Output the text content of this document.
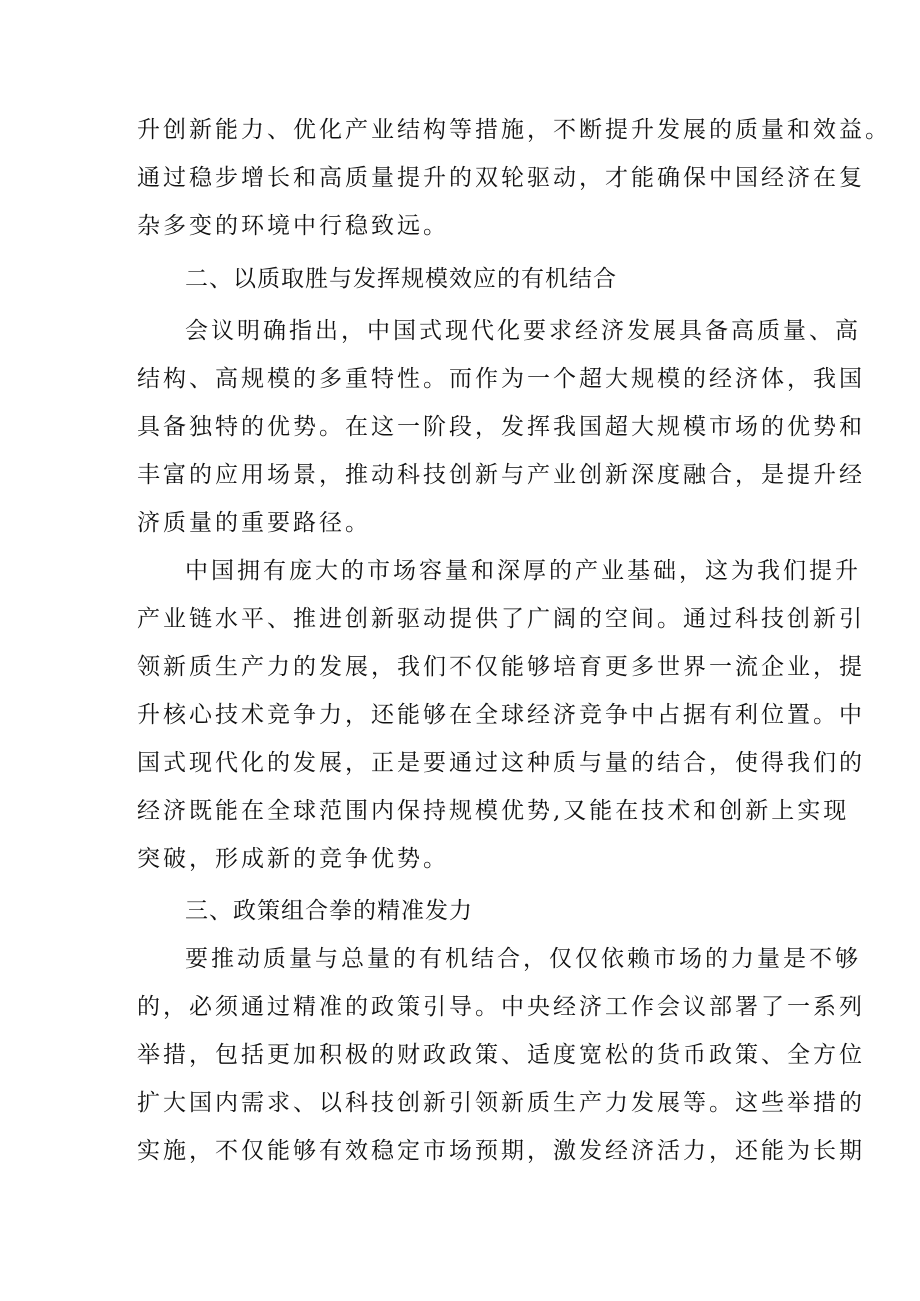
升创新能力、优化产业结构等措施，不断提升发展的质量和效益。
通过稳步增长和高质量提升的双轮驱动，才能确保中国经济在复
杂多变的环境中行稳致远。
二、以质取胜与发挥规模效应的有机结合
会议明确指出，中国式现代化要求经济发展具备高质量、高
结构、高规模的多重特性。而作为一个超大规模的经济体，我国
具备独特的优势。在这一阶段，发挥我国超大规模市场的优势和
丰富的应用场景，推动科技创新与产业创新深度融合，是提升经
济质量的重要路径。
中国拥有庞大的市场容量和深厚的产业基础，这为我们提升
产业链水平、推进创新驱动提供了广阔的空间。通过科技创新引
领新质生产力的发展，我们不仅能够培育更多世界一流企业，提
升核心技术竞争力，还能够在全球经济竞争中占据有利位置。中
国式现代化的发展，正是要通过这种质与量的结合，使得我们的
经济既能在全球范围内保持规模优势,又能在技术和创新上实现
突破，形成新的竞争优势。
三、政策组合拳的精准发力
要推动质量与总量的有机结合，仅仅依赖市场的力量是不够
的，必须通过精准的政策引导。中央经济工作会议部署了一系列
举措，包括更加积极的财政政策、适度宽松的货币政策、全方位
扩大国内需求、以科技创新引领新质生产力发展等。这些举措的
实施，不仅能够有效稳定市场预期，激发经济活力，还能为长期
